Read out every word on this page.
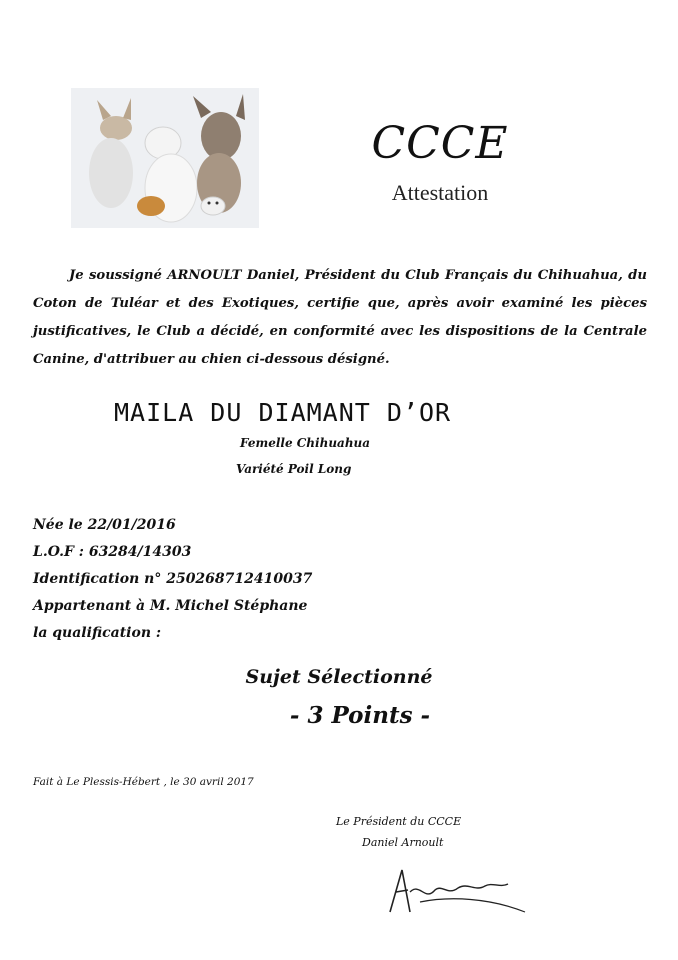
CCCE
Attestation
Je soussigné ARNOULT Daniel, Président du Club Français du Chihuahua, du Coton de Tuléar et des Exotiques, certifie que, après avoir examiné les pièces justificatives, le Club a décidé, en conformité avec les dispositions de la Centrale Canine, d'attribuer au chien ci-dessous désigné.
MAILA DU DIAMANT D’OR
Femelle Chihuahua
Variété Poil Long
Née le 22/01/2016
L.O.F : 63284/14303
Identification n° 250268712410037
Appartenant à M. Michel Stéphane
la qualification :
Sujet Sélectionné
- 3 Points -
Fait à Le Plessis-Hébert , le 30 avril 2017
Le Président du CCCE
Daniel Arnoult
